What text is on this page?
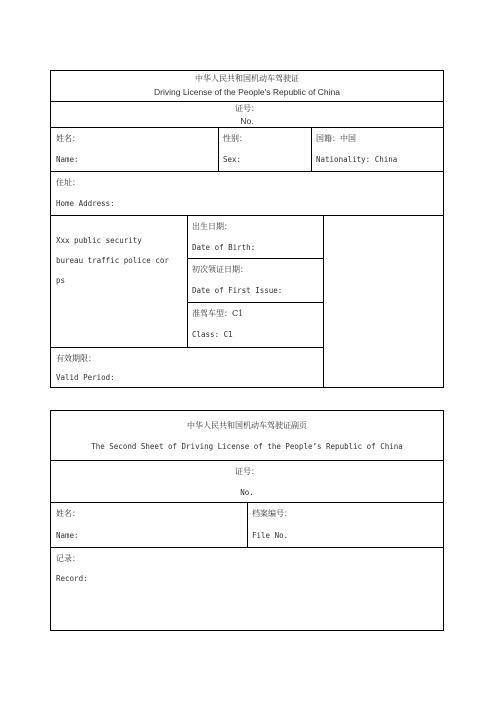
中华人民共和国机动车驾驶证
Driving License of the People's Republic of China
证号：
No.
姓名：
Name:
性别：
Sex:
国籍：中国
Nationality: China
住址：
Home Address:
Xxx public security
bureau traffic police cor
ps
出生日期：
Date of Birth:
初次领证日期：
Date of First Issue:
准驾车型：C1
Class: C1
有效期限：
Valid Period:
中华人民共和国机动车驾驶证副页
The Second Sheet of Driving License of the People’s Republic of China
证号：
No.
姓名：
Name:
档案编号：
File No.
记录：
Record:
